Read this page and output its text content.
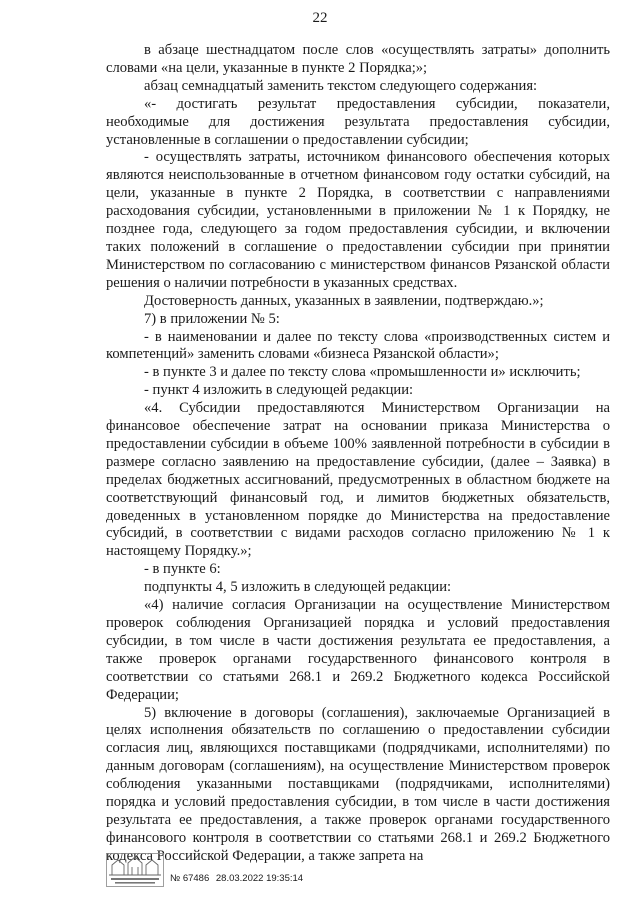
22

в абзаце шестнадцатом после слов «осуществлять затраты» дополнить словами «на цели, указанные в пункте 2 Порядка;»;

абзац семнадцатый заменить текстом следующего содержания:

«- достигать результат предоставления субсидии, показатели, необходимые для достижения результата предоставления субсидии, установленные в соглашении о предоставлении субсидии;

- осуществлять затраты, источником финансового обеспечения которых являются неиспользованные в отчетном финансовом году остатки субсидий, на цели, указанные в пункте 2 Порядка, в соответствии с направлениями расходования субсидии, установленными в приложении № 1 к Порядку, не позднее года, следующего за годом предоставления субсидии, и включении таких положений в соглашение о предоставлении субсидии при принятии Министерством по согласованию с министерством финансов Рязанской области решения о наличии потребности в указанных средствах.

Достоверность данных, указанных в заявлении, подтверждаю.»;

7) в приложении № 5:

- в наименовании и далее по тексту слова «производственных систем и компетенций» заменить словами «бизнеса Рязанской области»;

- в пункте 3 и далее по тексту слова «промышленности и» исключить;

- пункт 4 изложить в следующей редакции:

«4. Субсидии предоставляются Министерством Организации на финансовое обеспечение затрат на основании приказа Министерства о предоставлении субсидии в объеме 100% заявленной потребности в субсидии в размере согласно заявлению на предоставление субсидии, (далее – Заявка) в пределах бюджетных ассигнований, предусмотренных в областном бюджете на соответствующий финансовый год, и лимитов бюджетных обязательств, доведенных в установленном порядке до Министерства на предоставление субсидий, в соответствии с видами расходов согласно приложению № 1 к настоящему Порядку.»;

- в пункте 6:

подпункты 4, 5 изложить в следующей редакции:

«4) наличие согласия Организации на осуществление Министерством проверок соблюдения Организацией порядка и условий предоставления субсидии, в том числе в части достижения результата ее предоставления, а также проверок органами государственного финансового контроля в соответствии со статьями 268.1 и 269.2 Бюджетного кодекса Российской Федерации;

5) включение в договоры (соглашения), заключаемые Организацией в целях исполнения обязательств по соглашению о предоставлении субсидии согласия лиц, являющихся поставщиками (подрядчиками, исполнителями) по данным договорам (соглашениям), на осуществление Министерством проверок соблюдения указанными поставщиками (подрядчиками, исполнителями) порядка и условий предоставления субсидии, в том числе в части достижения результата ее предоставления, а также проверок органами государственного финансового контроля в соответствии со статьями 268.1 и 269.2 Бюджетного кодекса Российской Федерации, а также запрета на

№ 67486 28.03.2022 19:35:14
